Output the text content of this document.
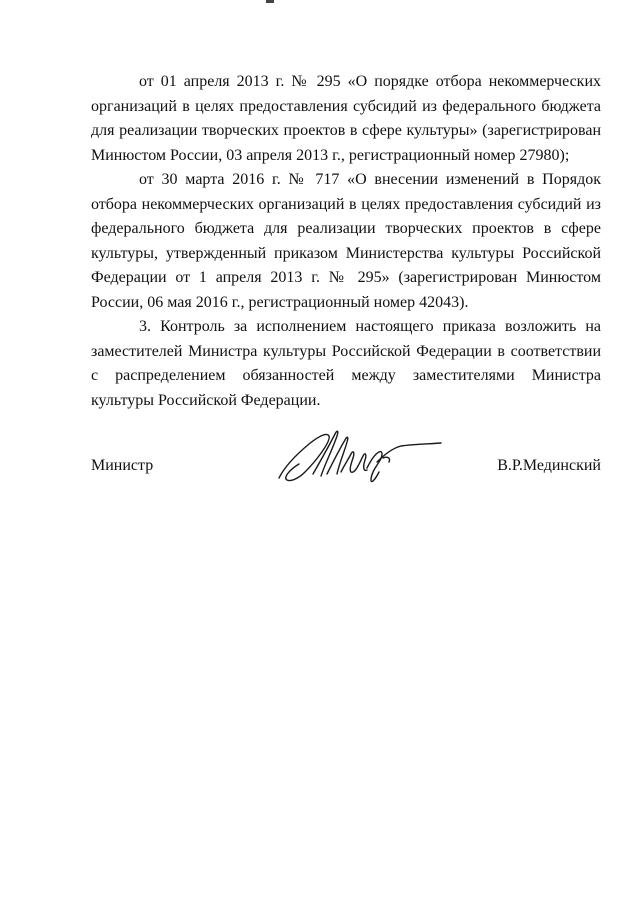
от 01 апреля 2013 г. № 295 «О порядке отбора некоммерческих организаций в целях предоставления субсидий из федерального бюджета для реализации творческих проектов в сфере культуры» (зарегистрирован Минюстом России, 03 апреля 2013 г., регистрационный номер 27980);

от 30 марта 2016 г. № 717 «О внесении изменений в Порядок отбора некоммерческих организаций в целях предоставления субсидий из федерального бюджета для реализации творческих проектов в сфере культуры, утвержденный приказом Министерства культуры Российской Федерации от 1 апреля 2013 г. № 295» (зарегистрирован Минюстом России, 06 мая 2016 г., регистрационный номер 42043).

3. Контроль за исполнением настоящего приказа возложить на заместителей Министра культуры Российской Федерации в соответствии с распределением обязанностей между заместителями Министра культуры Российской Федерации.

Министр	В.Р.Мединский
